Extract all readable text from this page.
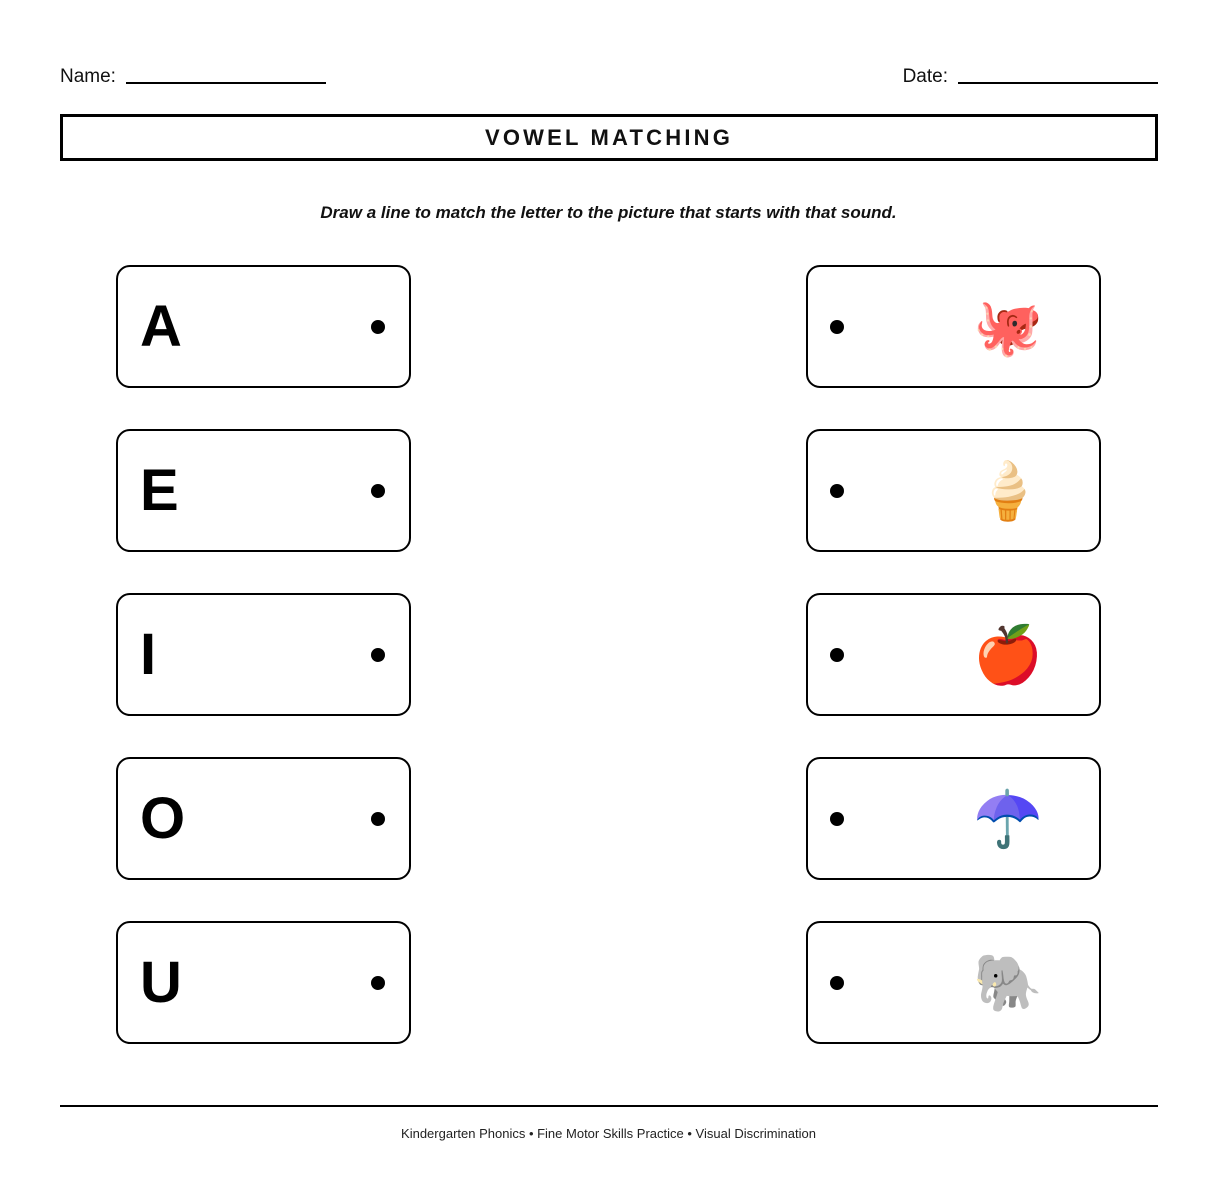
Name:	Date:
VOWEL MATCHING
Draw a line to match the letter to the picture that starts with that sound.
A	🐙
E	🍦
I	🍎
O	☂️
U	🐘
Kindergarten Phonics • Fine Motor Skills Practice • Visual Discrimination
